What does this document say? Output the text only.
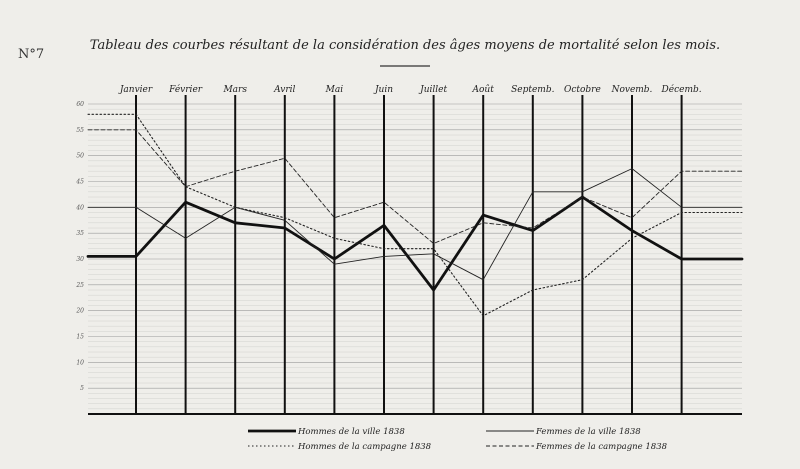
N°7
Tableau des courbes résultant de la considération des âges moyens de mortalité selon les mois.
5
10
15
20
25
30
35
40
45
50
55
60
Janvier Février Mars	Avril	Mai	Juin	Juillet	Août Septemb. Octobre Novemb. Décemb.
Hommes de la ville 1838	Femmes de la ville 1838
Hommes de la campagne 1838	Femmes de la campagne 1838
